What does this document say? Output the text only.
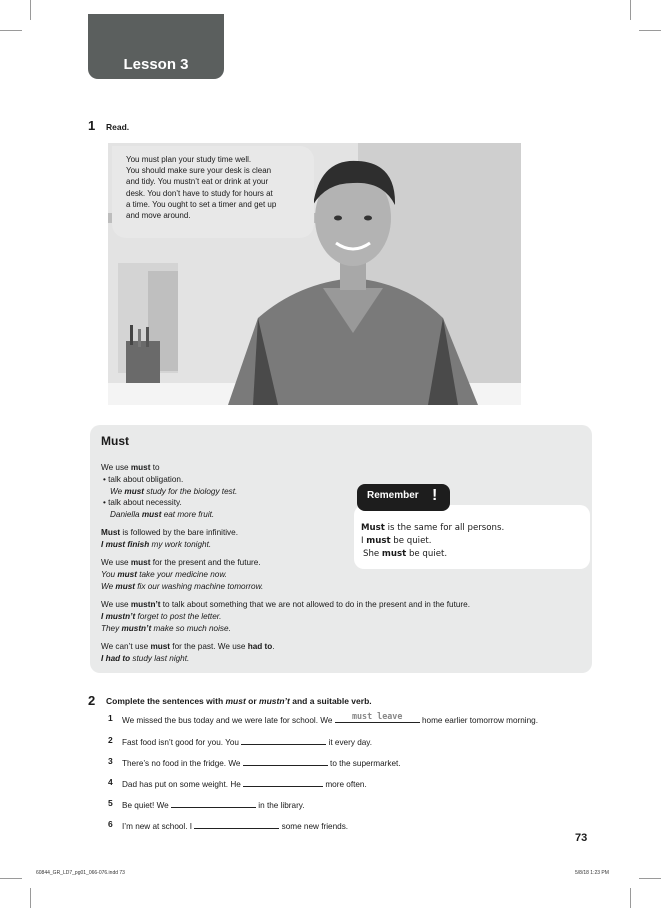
Lesson 3
1 Read.
You must plan your study time well.
You should make sure your desk is clean
and tidy. You mustn’t eat or drink at your
desk. You don’t have to study for hours at
a time. You ought to set a timer and get up
and move around.
Must
We use must to
• talk about obligation.
We must study for the biology test.
• talk about necessity.
Daniella must eat more fruit.
Must is followed by the bare infinitive.
I must finish my work tonight.
We use must for the present and the future.
You must take your medicine now.
We must fix our washing machine tomorrow.
We use mustn’t to talk about something that we are not allowed to do in the present and in the future.
I mustn’t forget to post the letter.
They mustn’t make so much noise.
We can’t use must for the past. We use had to.
I had to study last night.
Remember !
Must is the same for all persons.
I must be quiet.
She must be quiet.
2 Complete the sentences with must or mustn’t and a suitable verb.
1 We missed the bus today and we were late for school. We	must leave	home earlier tomorrow morning.
2 Fast food isn’t good for you. You	it every day.
3 There’s no food in the fridge. We	to the supermarket.
4 Dad has put on some weight. He	more often.
5 Be quiet! We	in the library.
6 I’m new at school. I	some new friends.
73
60844_GR_LD7_pg01_066-076.indd 73	5/8/18 1:23 PM
